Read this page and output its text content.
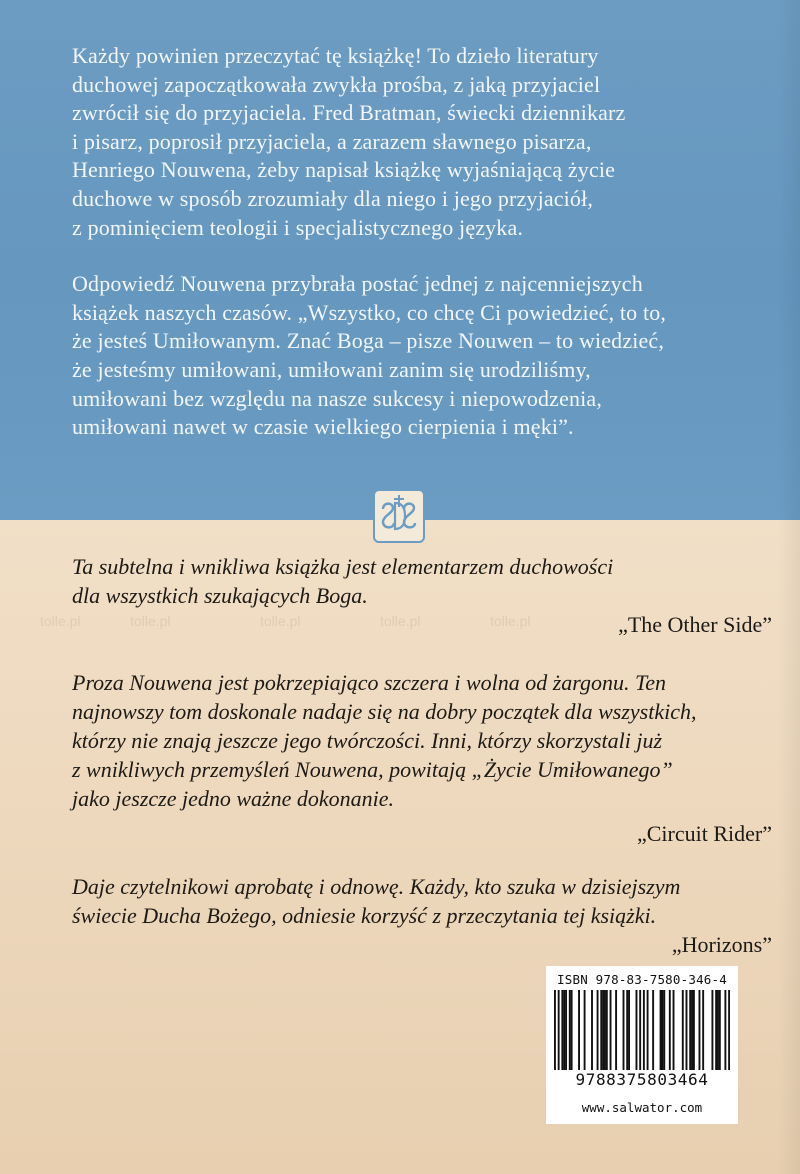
Każdy powinien przeczytać tę książkę! To dzieło literatury
duchowej zapoczątkowała zwykła prośba, z jaką przyjaciel
zwrócił się do przyjaciela. Fred Bratman, świecki dziennikarz
i pisarz, poprosił przyjaciela, a zarazem sławnego pisarza,
Henriego Nouwena, żeby napisał książkę wyjaśniającą życie
duchowe w sposób zrozumiały dla niego i jego przyjaciół,
z pominięciem teologii i specjalistycznego języka.

Odpowiedź Nouwena przybrała postać jednej z najcenniejszych
książek naszych czasów. „Wszystko, co chcę Ci powiedzieć, to to,
że jesteś Umiłowanym. Znać Boga – pisze Nouwen – to wiedzieć,
że jesteśmy umiłowani, umiłowani zanim się urodziliśmy,
umiłowani bez względu na nasze sukcesy i niepowodzenia,
umiłowani nawet w czasie wielkiego cierpienia i męki”.

tolle.pl	tolle.pl	tolle.pl	tolle.pl	tolle.pl
Ta subtelna i wnikliwa książka jest elementarzem duchowości
dla wszystkich szukających Boga.
„The Other Side”
Proza Nouwena jest pokrzepiająco szczera i wolna od żargonu. Ten
najnowszy tom doskonale nadaje się na dobry początek dla wszystkich,
którzy nie znają jeszcze jego twórczości. Inni, którzy skorzystali już
z wnikliwych przemyśleń Nouwena, powitają „Życie Umiłowanego”
jako jeszcze jedno ważne dokonanie.
„Circuit Rider”
Daje czytelnikowi aprobatę i odnowę. Każdy, kto szuka w dzisiejszym
świecie Ducha Bożego, odniesie korzyść z przeczytania tej książki.
„Horizons”
ISBN 978-83-7580-346-4
9788375803464
www.salwator.com
